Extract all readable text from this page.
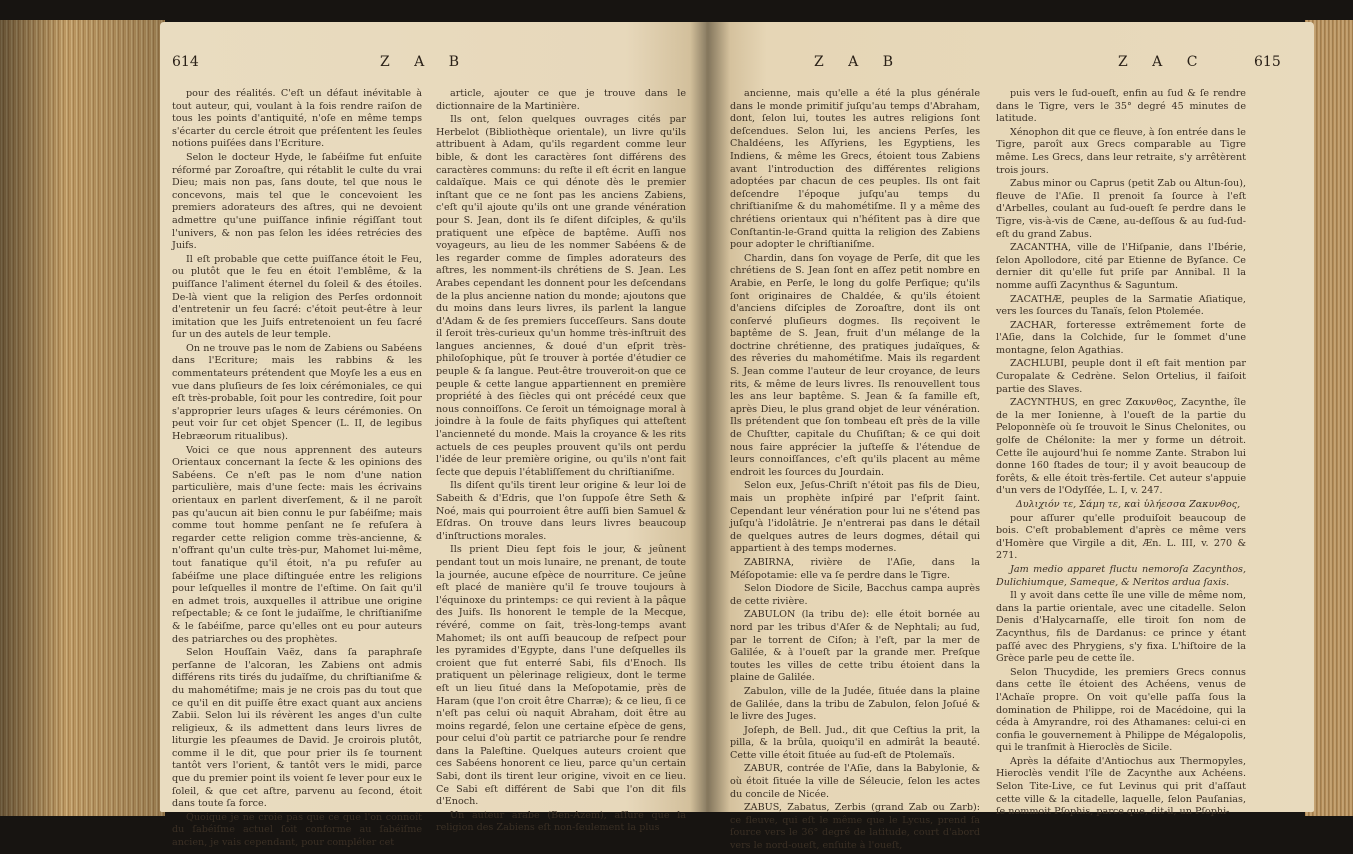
614	Z A B

pour des réalités. C'eſt un défaut inévitable à tout auteur, qui, voulant à la fois rendre raiſon de tous les points d'antiquité, n'oſe en même temps s'écarter du cercle étroit que préſentent les ſeules notions puiſées dans l'Ecriture.

Selon le docteur Hyde, le ſabéiſme fut enſuite réformé par Zoroaſtre, qui rétablit le culte du vrai Dieu; mais non pas, ſans doute, tel que nous le concevons, mais tel que le concevoient les premiers adorateurs des aſtres, qui ne devoient admettre qu'une puiſſance infinie régiſſant tout l'univers, & non pas ſelon les idées retrécies des Juifs.

Il eſt probable que cette puiſſance étoit le Feu, ou plutôt que le feu en étoit l'emblême, & la puiſſance l'aliment éternel du ſoleil & des étoiles. De-là vient que la religion des Perſes ordonnoit d'entretenir un feu ſacré: c'étoit peut-être à leur imitation que les Juifs entretenoient un feu ſacré ſur un des autels de leur temple.

On ne trouve pas le nom de Zabiens ou Sabéens dans l'Ecriture; mais les rabbins & les commentateurs prétendent que Moyſe les a eus en vue dans pluſieurs de ſes loix cérémoniales, ce qui eſt très-probable, ſoit pour les contredire, ſoit pour s'approprier leurs uſages & leurs cérémonies. On peut voir ſur cet objet Spencer (L. II, de legibus Hebræorum ritualibus).

Voici ce que nous apprennent des auteurs Orientaux concernant la ſecte & les opinions des Sabéens. Ce n'eſt pas le nom d'une nation particulière, mais d'une ſecte: mais les écrivains orientaux en parlent diverſement, & il ne paroît pas qu'aucun ait bien connu le pur ſabéiſme; mais comme tout homme penſant ne ſe refuſera à regarder cette religion comme très-ancienne, & n'offrant qu'un culte très-pur, Mahomet lui-même, tout fanatique qu'il étoit, n'a pu refuſer au ſabéiſme une place diſtinguée entre les religions pour leſquelles il montre de l'eſtime. On ſait qu'il en admet trois, auxquelles il attribue une origine reſpectable; & ce ſont le judaïſme, le chriſtianiſme & le ſabéiſme, parce qu'elles ont eu pour auteurs des patriarches ou des prophètes.

Selon Houſſain Vaëz, dans ſa paraphraſe perſanne de l'alcoran, les Zabiens ont admis différens rits tirés du judaïſme, du chriſtianiſme & du mahométiſme; mais je ne crois pas du tout que ce qu'il en dit puiſſe être exact quant aux anciens Zabii. Selon lui ils révèrent les anges d'un culte religieux, & ils admettent dans leurs livres de liturgie les pſeaumes de David. Je croirois plutôt, comme il le dit, que pour prier ils ſe tournent tantôt vers l'orient, & tantôt vers le midi, parce que du premier point ils voient ſe lever pour eux le ſoleil, & que cet aſtre, parvenu au ſecond, étoit dans toute ſa force.

Quoique je ne croie pas que ce que l'on connoît du ſabéiſme actuel ſoit conforme au ſabéiſme ancien, je vais cependant, pour compléter cet

article, ajouter ce que je trouve dans le dictionnaire de la Martinière.

Ils ont, ſelon quelques ouvrages cités par Herbelot (Bibliothèque orientale), un livre qu'ils attribuent à Adam, qu'ils regardent comme leur bible, & dont les caractères ſont différens des caractères communs: du reſte il eſt écrit en langue caldaïque. Mais ce qui dénote dès le premier inſtant que ce ne ſont pas les anciens Zabiens, c'eſt qu'il ajoute qu'ils ont une grande vénération pour S. Jean, dont ils ſe diſent diſciples, & qu'ils pratiquent une eſpèce de baptême. Auſſi nos voyageurs, au lieu de les nommer Sabéens & de les regarder comme de ſimples adorateurs des aſtres, les nomment-ils chrétiens de S. Jean. Les Arabes cependant les donnent pour les deſcendans de la plus ancienne nation du monde; ajoutons que du moins dans leurs livres, ils parlent la langue d'Adam & de ſes premiers ſucceſſeurs. Sans doute il ſeroit très-curieux qu'un homme très-inſtruit des langues anciennes, & doué d'un eſprit très-philoſophique, pût ſe trouver à portée d'étudier ce peuple & ſa langue. Peut-être trouveroit-on que ce peuple & cette langue appartiennent en première propriété à des ſiècles qui ont précédé ceux que nous connoiſſons. Ce ſeroit un témoignage moral à joindre à la foule de faits phyſiques qui atteſtent l'ancienneté du monde. Mais la croyance & les rits actuels de ces peuples prouvent qu'ils ont perdu l'idée de leur première origine, ou qu'ils n'ont fait ſecte que depuis l'établiſſement du chriſtianiſme.

Ils diſent qu'ils tirent leur origine & leur loi de Sabeith & d'Edris, que l'on ſuppoſe être Seth & Noé, mais qui pourroient être auſſi bien Samuel & Eſdras. On trouve dans leurs livres beaucoup d'inſtructions morales.

Ils prient Dieu ſept fois le jour, & jeûnent pendant tout un mois lunaire, ne prenant, de toute la journée, aucune eſpèce de nourriture. Ce jeûne eſt placé de manière qu'il ſe trouve toujours à l'équinoxe du printemps: ce qui revient à la pâque des Juifs. Ils honorent le temple de la Mecque, révéré, comme on ſait, très-long-temps avant Mahomet; ils ont auſſi beaucoup de reſpect pour les pyramides d'Egypte, dans l'une deſquelles ils croient que fut enterré Sabi, fils d'Enoch. Ils pratiquent un pèlerinage religieux, dont le terme eſt un lieu ſitué dans la Meſopotamie, près de Haram (que l'on croit être Charræ); & ce lieu, ſi ce n'eſt pas celui où naquit Abraham, doit être au moins regardé, ſelon une certaine eſpèce de gens, pour celui d'où partit ce patriarche pour ſe rendre dans la Paleſtine. Quelques auteurs croient que ces Sabéens honorent ce lieu, parce qu'un certain Sabi, dont ils tirent leur origine, vivoit en ce lieu. Ce Sabi eſt différent de Sabi que l'on dit fils d'Enoch.

Un auteur arabe (Ben-Azem), aſſure que la religion des Zabiens eſt non-ſeulement la plus

Z A B	Z A C	615

ancienne, mais qu'elle a été la plus générale dans le monde primitif juſqu'au temps d'Abraham, dont, ſelon lui, toutes les autres religions ſont deſcendues. Selon lui, les anciens Perſes, les Chaldéens, les Aſſyriens, les Egyptiens, les Indiens, & même les Grecs, étoient tous Zabiens avant l'introduction des différentes religions adoptées par chacun de ces peuples. Ils ont fait deſcendre l'époque juſqu'au temps du chriſtianiſme & du mahométiſme. Il y a même des chrétiens orientaux qui n'héſitent pas à dire que Conſtantin-le-Grand quitta la religion des Zabiens pour adopter le chriſtianiſme.

Chardin, dans ſon voyage de Perſe, dit que les chrétiens de S. Jean ſont en aſſez petit nombre en Arabie, en Perſe, le long du golfe Perſique; qu'ils ſont originaires de Chaldée, & qu'ils étoient d'anciens diſciples de Zoroaſtre, dont ils ont conſervé pluſieurs dogmes. Ils reçoivent le baptême de S. Jean, fruit d'un mélange de la doctrine chrétienne, des pratiques judaïques, & des rêveries du mahométiſme. Mais ils regardent S. Jean comme l'auteur de leur croyance, de leurs rits, & même de leurs livres. Ils renouvellent tous les ans leur baptême. S. Jean & ſa famille eſt, après Dieu, le plus grand objet de leur vénération. Ils prétendent que ſon tombeau eſt près de la ville de Chuſtter, capitale du Chuſiſtan; & ce qui doit nous faire apprécier la juſteſſe & l'étendue de leurs connoiſſances, c'eſt qu'ils placent au même endroit les ſources du Jourdain.

Selon eux, Jeſus-Chriſt n'étoit pas fils de Dieu, mais un prophète inſpiré par l'eſprit ſaint. Cependant leur vénération pour lui ne s'étend pas juſqu'à l'idolâtrie. Je n'entrerai pas dans le détail de quelques autres de leurs dogmes, détail qui appartient à des temps modernes.

ZABIRNA, rivière de l'Aſie, dans la Méſopotamie: elle va ſe perdre dans le Tigre.

Selon Diodore de Sicile, Bacchus campa auprès de cette rivière.

ZABULON (la tribu de): elle étoit bornée au nord par les tribus d'Aſer & de Nephtali; au ſud, par le torrent de Ciſon; à l'eſt, par la mer de Galilée, & à l'oueſt par la grande mer. Preſque toutes les villes de cette tribu étoient dans la plaine de Galilée.

Zabulon, ville de la Judée, ſituée dans la plaine de Galilée, dans la tribu de Zabulon, ſelon Joſué & le livre des Juges.

Joſeph, de Bell. Jud., dit que Ceſtius la prit, la pilla, & la brûla, quoiqu'il en admirât la beauté. Cette ville étoit ſituée au ſud-eſt de Ptolemaïs.

ZABUR, contrée de l'Aſie, dans la Babylonie, & où étoit ſituée la ville de Séleucie, ſelon les actes du concile de Nicée.

ZABUS, Zabatus, Zerbis (grand Zab ou Zarb): ce fleuve, qui eſt le même que le Lycus, prend ſa ſource vers le 36° degré de latitude, court d'abord vers le nord-oueſt, enſuite à l'oueſt,

puis vers le ſud-oueſt, enfin au ſud & ſe rendre dans le Tigre, vers le 35° degré 45 minutes de latitude.

Xénophon dit que ce fleuve, à ſon entrée dans le Tigre, paroît aux Grecs comparable au Tigre même. Les Grecs, dans leur retraite, s'y arrêtèrent trois jours.

Zabus minor ou Caprus (petit Zab ou Altun-ſou), fleuve de l'Aſie. Il prenoit ſa ſource à l'eſt d'Arbelles, coulant au ſud-oueſt ſe perdre dans le Tigre, vis-à-vis de Cæne, au-deſſous & au ſud-ſud-eſt du grand Zabus.

ZACANTHA, ville de l'Hiſpanie, dans l'Ibérie, ſelon Apollodore, cité par Etienne de Byſance. Ce dernier dit qu'elle fut priſe par Annibal. Il la nomme auſſi Zacynthus & Saguntum.

ZACATHÆ, peuples de la Sarmatie Aſiatique, vers les ſources du Tanaïs, ſelon Ptolemée.

ZACHAR, forteresse extrêmement forte de l'Aſie, dans la Colchide, ſur le ſommet d'une montagne, ſelon Agathias.

ZACHLUBI, peuple dont il eſt fait mention par Curopalate & Cedrène. Selon Ortelius, il faiſoit partie des Slaves.

ZACYNTHUS, en grec Ζακυνθος, Zacynthe, île de la mer Ionienne, à l'oueſt de la partie du Peloponnèſe où ſe trouvoit le Sinus Chelonites, ou golfe de Chélonite: la mer y forme un détroit. Cette île aujourd'hui ſe nomme Zante. Strabon lui donne 160 ſtades de tour; il y avoit beaucoup de forêts, & elle étoit très-fertile. Cet auteur s'appuie d'un vers de l'Odyſſée, L. I, v. 247.

Δυλιχιόν τε, Σάμη τε, καὶ ὑλήεσσα Ζακυνθος,

pour aſſurer qu'elle produiſoit beaucoup de bois. C'eſt probablement d'après ce même vers d'Homère que Virgile a dit, Æn. L. III, v. 270 & 271.

Jam medio apparet fluctu nemoroſa Zacynthos, Dulichiumque, Sameque, & Neritos ardua ſaxis.

Il y avoit dans cette île une ville de même nom, dans la partie orientale, avec une citadelle. Selon Denis d'Halycarnaſſe, elle tiroit ſon nom de Zacynthus, fils de Dardanus: ce prince y étant paſſé avec des Phrygiens, s'y fixa. L'hiſtoire de la Grèce parle peu de cette île.

Selon Thucydide, les premiers Grecs connus dans cette île étoient des Achéens, venus de l'Achaïe propre. On voit qu'elle paſſa ſous la domination de Philippe, roi de Macédoine, qui la céda à Amyrandre, roi des Athamanes: celui-ci en confia le gouvernement à Philippe de Mégalopolis, qui le tranſmit à Hieroclès de Sicile.

Après la défaite d'Antiochus aux Thermopyles, Hieroclès vendit l'île de Zacynthe aux Achéens. Selon Tite-Live, ce fut Levinus qui prit d'aſſaut cette ville & la citadelle, laquelle, ſelon Pauſanias, ſe nommoit Pſophis, parce que, dit-il, un Pſophi-
